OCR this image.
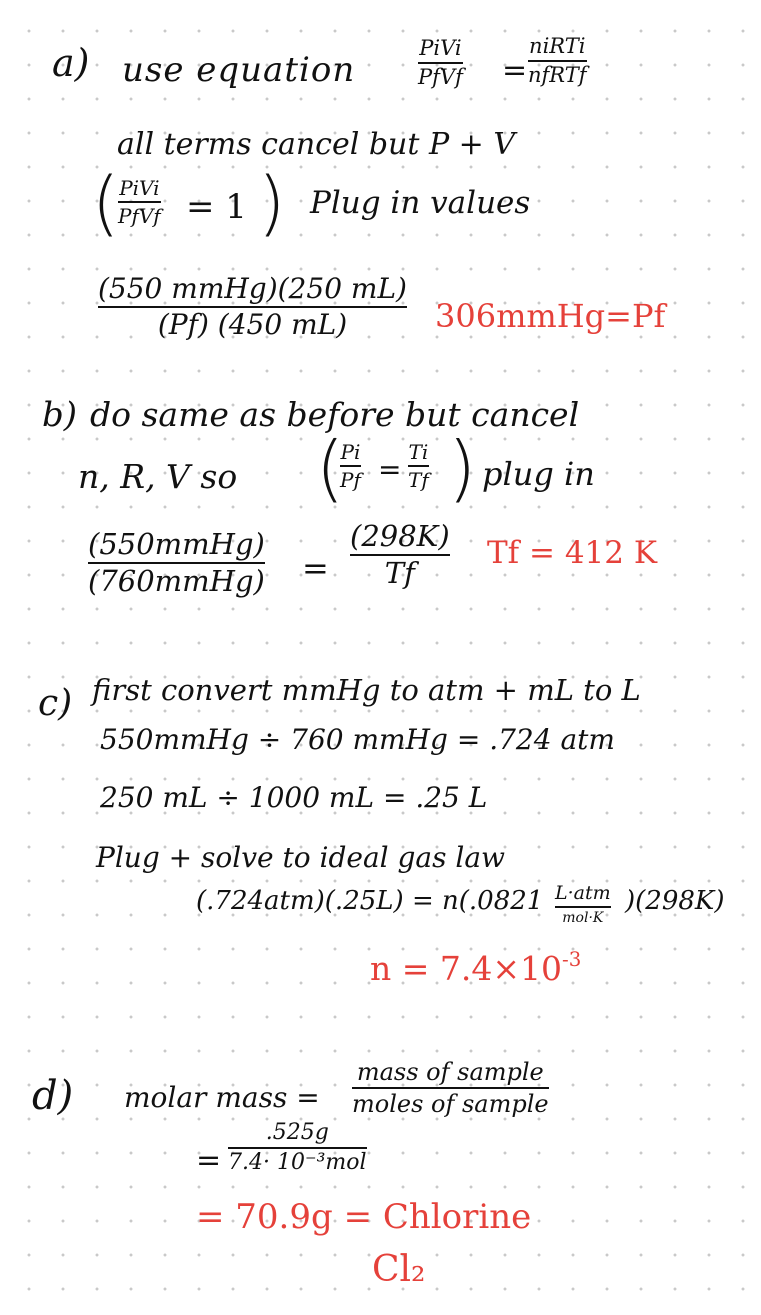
a) use equation
PiVi
PfVf =
niRTi
nfRTf
all terms cancel but P + V
( PiVi
PfVf = 1 ) Plug in values
(550 mmHg)(250 mL)
(Pf) (450 mL)	306mmHg=Pf
b) do same as before but cancel
n, R, V so (
Pi
Pf =
Ti
Tf ) plug in
(550mmHg)
(760mmHg) =
(298K)
Tf
Tf = 412 K
c) first convert mmHg to atm + mL to L
550mmHg ÷ 760 mmHg = .724 atm
250 mL ÷ 1000 mL = .25 L
Plug + solve to ideal gas law
(.724atm)(.25L) = n(.0821 L·atm
mol·K
)(298K)
$n = 7.4\times 10^{-3}$
d) molar mass =
mass of sample
moles of sample
=
.525g
7.4· 10⁻³mol
= 70.9g = Chlorine
Cl₂
